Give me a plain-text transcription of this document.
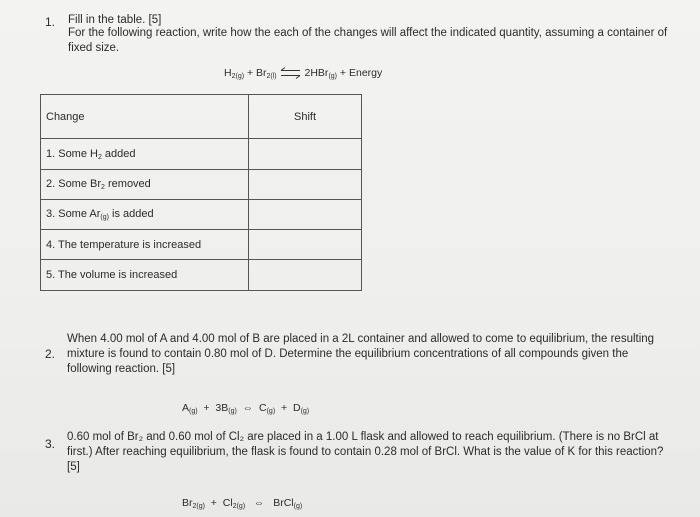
1. Fill in the table. [5]
For the following reaction, write how the each of the changes will affect the indicated quantity, assuming a container of fixed size.
$H_{2(g)} + Br_{2(l)}$ ⇌ 2HBr$_{(g)}$ + Energy
Change	Shift
1. Some $H_2$ added	
2. Some $Br_2$ removed	
3. Some $Ar_{(g)}$ is added	
4. The temperature is increased	
5. The volume is increased	
2.
When 4.00 mol of A and 4.00 mol of B are placed in a 2L container and allowed to come to equilibrium, the resulting
mixture is found to contain 0.80 mol of D. Determine the equilibrium concentrations of all compounds given the
following reaction. [5]
$A_{(g)} + 3B_{(g)}$ ⇔ $C_{(g)} + D_{(g)}$
3. 0.60 mol of Br₂ and 0.60 mol of Cl₂ are placed in a 1.00 L flask and allowed to reach equilibrium. (There is no BrCl at
first.) After reaching equilibrium, the flask is found to contain 0.28 mol of BrCl. What is the value of K for this reaction?
[5]
$Br_{2(g)} + Cl_{2(g)}$ ⇔ BrCl$_{(g)}$
